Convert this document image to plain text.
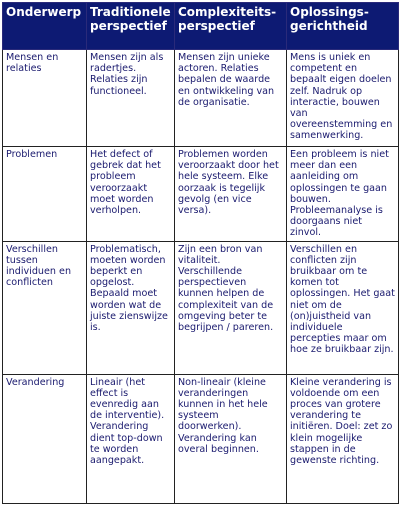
Onderwerp	Traditionele perspectief	Complexiteits-perspectief	Oplossings-gerichtheid
Mensen en relaties	Mensen zijn als radertjes. Relaties zijn functioneel.	Mensen zijn unieke actoren. Relaties bepalen de waarde en ontwikkeling van de organisatie.	Mens is uniek en competent en bepaalt eigen doelen zelf. Nadruk op interactie, bouwen van overeenstemming en samenwerking.
Problemen	Het defect of gebrek dat het probleem veroorzaakt moet worden verholpen.	Problemen worden veroorzaakt door het hele systeem. Elke oorzaak is tegelijk gevolg (en vice versa).	Een probleem is niet meer dan een aanleiding om oplossingen te gaan bouwen. Probleemanalyse is doorgaans niet zinvol.
Verschillen tussen individuen en conflicten	Problematisch, moeten worden beperkt en opgelost. Bepaald moet worden wat de juiste zienswijze is.	Zijn een bron van vitaliteit. Verschillende perspectieven kunnen helpen de complexiteit van de omgeving beter te begrijpen / pareren.	Verschillen en conflicten zijn bruikbaar om te komen tot oplossingen. Het gaat niet om de (on)juistheid van individuele percepties maar om hoe ze bruikbaar zijn.
Verandering	Lineair (het effect is evenredig aan de interventie). Verandering dient top-down te worden aangepakt.	Non-lineair (kleine veranderingen kunnen in het hele systeem doorwerken). Verandering kan overal beginnen.	Kleine verandering is voldoende om een proces van grotere verandering te initiëren. Doel: zet zo klein mogelijke stappen in de gewenste richting.
